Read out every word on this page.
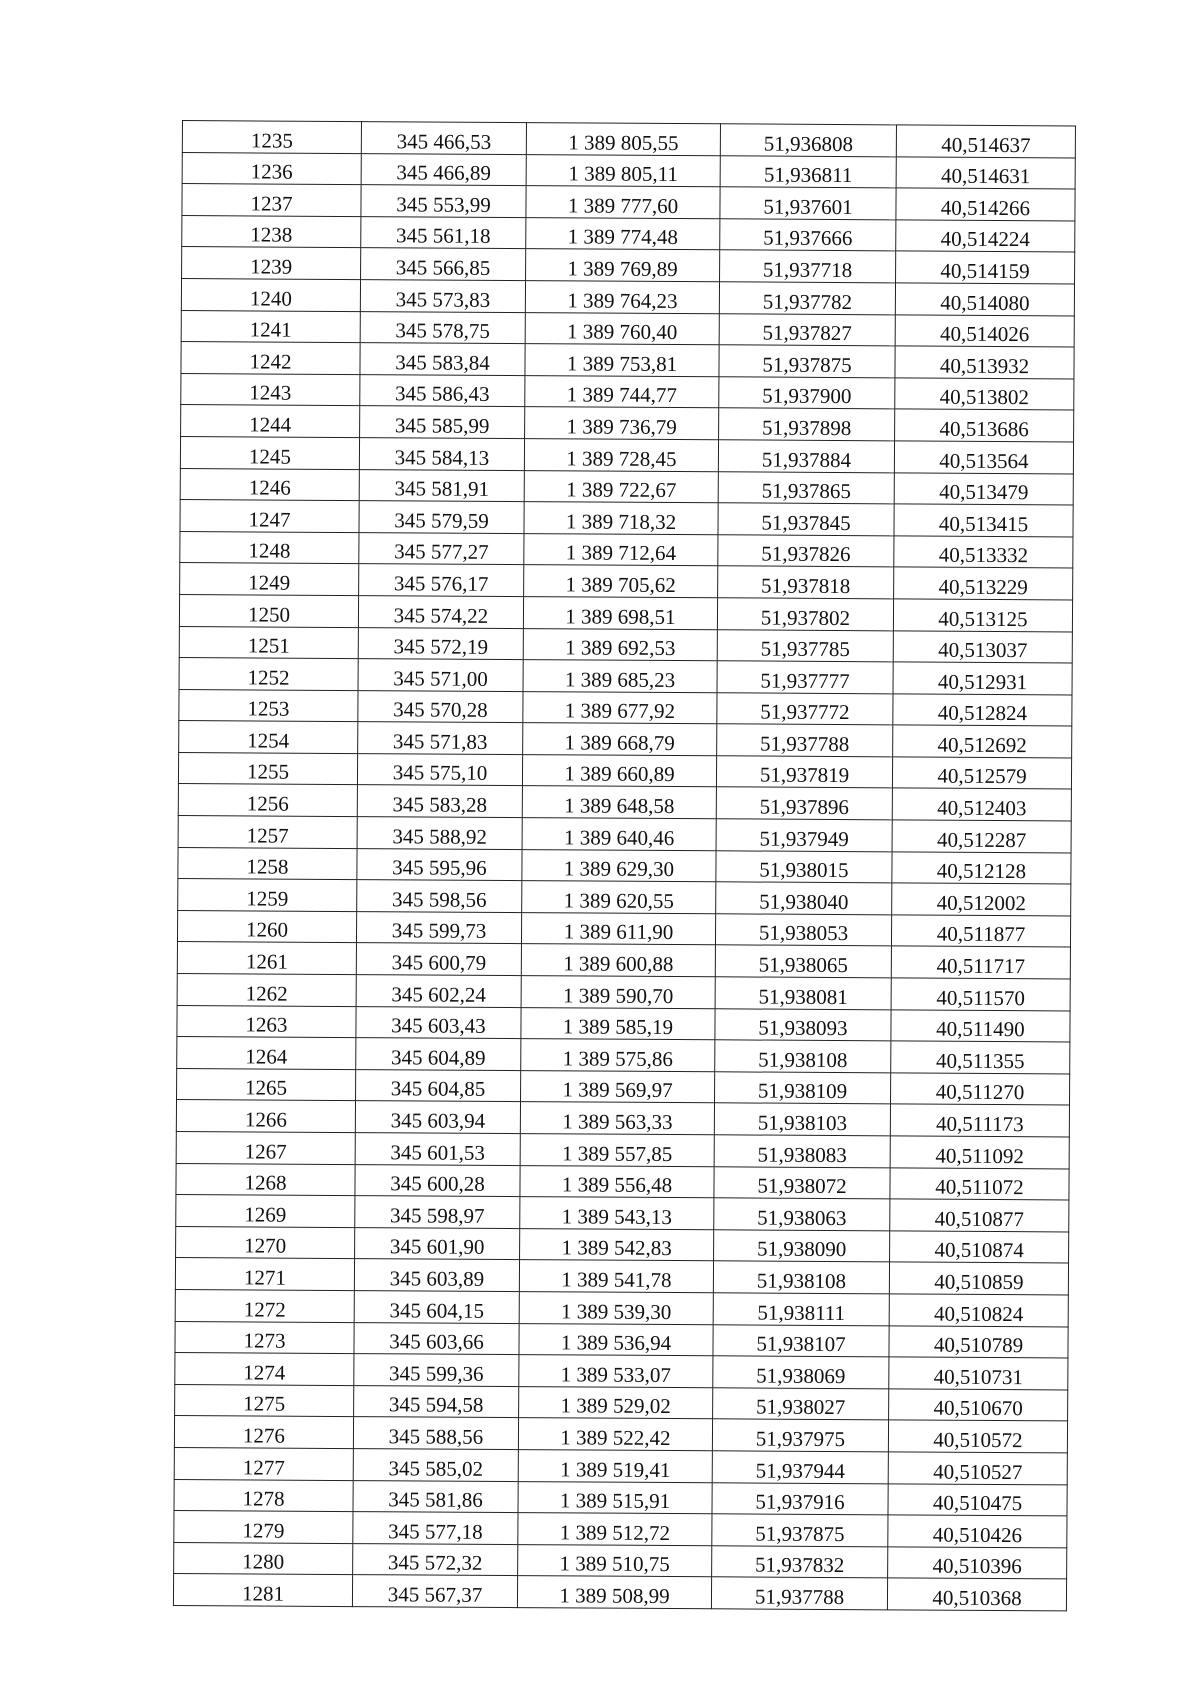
1235	345 466,53	1 389 805,55	51,936808	40,514637
1236	345 466,89	1 389 805,11	51,936811	40,514631
1237	345 553,99	1 389 777,60	51,937601	40,514266
1238	345 561,18	1 389 774,48	51,937666	40,514224
1239	345 566,85	1 389 769,89	51,937718	40,514159
1240	345 573,83	1 389 764,23	51,937782	40,514080
1241	345 578,75	1 389 760,40	51,937827	40,514026
1242	345 583,84	1 389 753,81	51,937875	40,513932
1243	345 586,43	1 389 744,77	51,937900	40,513802
1244	345 585,99	1 389 736,79	51,937898	40,513686
1245	345 584,13	1 389 728,45	51,937884	40,513564
1246	345 581,91	1 389 722,67	51,937865	40,513479
1247	345 579,59	1 389 718,32	51,937845	40,513415
1248	345 577,27	1 389 712,64	51,937826	40,513332
1249	345 576,17	1 389 705,62	51,937818	40,513229
1250	345 574,22	1 389 698,51	51,937802	40,513125
1251	345 572,19	1 389 692,53	51,937785	40,513037
1252	345 571,00	1 389 685,23	51,937777	40,512931
1253	345 570,28	1 389 677,92	51,937772	40,512824
1254	345 571,83	1 389 668,79	51,937788	40,512692
1255	345 575,10	1 389 660,89	51,937819	40,512579
1256	345 583,28	1 389 648,58	51,937896	40,512403
1257	345 588,92	1 389 640,46	51,937949	40,512287
1258	345 595,96	1 389 629,30	51,938015	40,512128
1259	345 598,56	1 389 620,55	51,938040	40,512002
1260	345 599,73	1 389 611,90	51,938053	40,511877
1261	345 600,79	1 389 600,88	51,938065	40,511717
1262	345 602,24	1 389 590,70	51,938081	40,511570
1263	345 603,43	1 389 585,19	51,938093	40,511490
1264	345 604,89	1 389 575,86	51,938108	40,511355
1265	345 604,85	1 389 569,97	51,938109	40,511270
1266	345 603,94	1 389 563,33	51,938103	40,511173
1267	345 601,53	1 389 557,85	51,938083	40,511092
1268	345 600,28	1 389 556,48	51,938072	40,511072
1269	345 598,97	1 389 543,13	51,938063	40,510877
1270	345 601,90	1 389 542,83	51,938090	40,510874
1271	345 603,89	1 389 541,78	51,938108	40,510859
1272	345 604,15	1 389 539,30	51,938111	40,510824
1273	345 603,66	1 389 536,94	51,938107	40,510789
1274	345 599,36	1 389 533,07	51,938069	40,510731
1275	345 594,58	1 389 529,02	51,938027	40,510670
1276	345 588,56	1 389 522,42	51,937975	40,510572
1277	345 585,02	1 389 519,41	51,937944	40,510527
1278	345 581,86	1 389 515,91	51,937916	40,510475
1279	345 577,18	1 389 512,72	51,937875	40,510426
1280	345 572,32	1 389 510,75	51,937832	40,510396
1281	345 567,37	1 389 508,99	51,937788	40,510368
